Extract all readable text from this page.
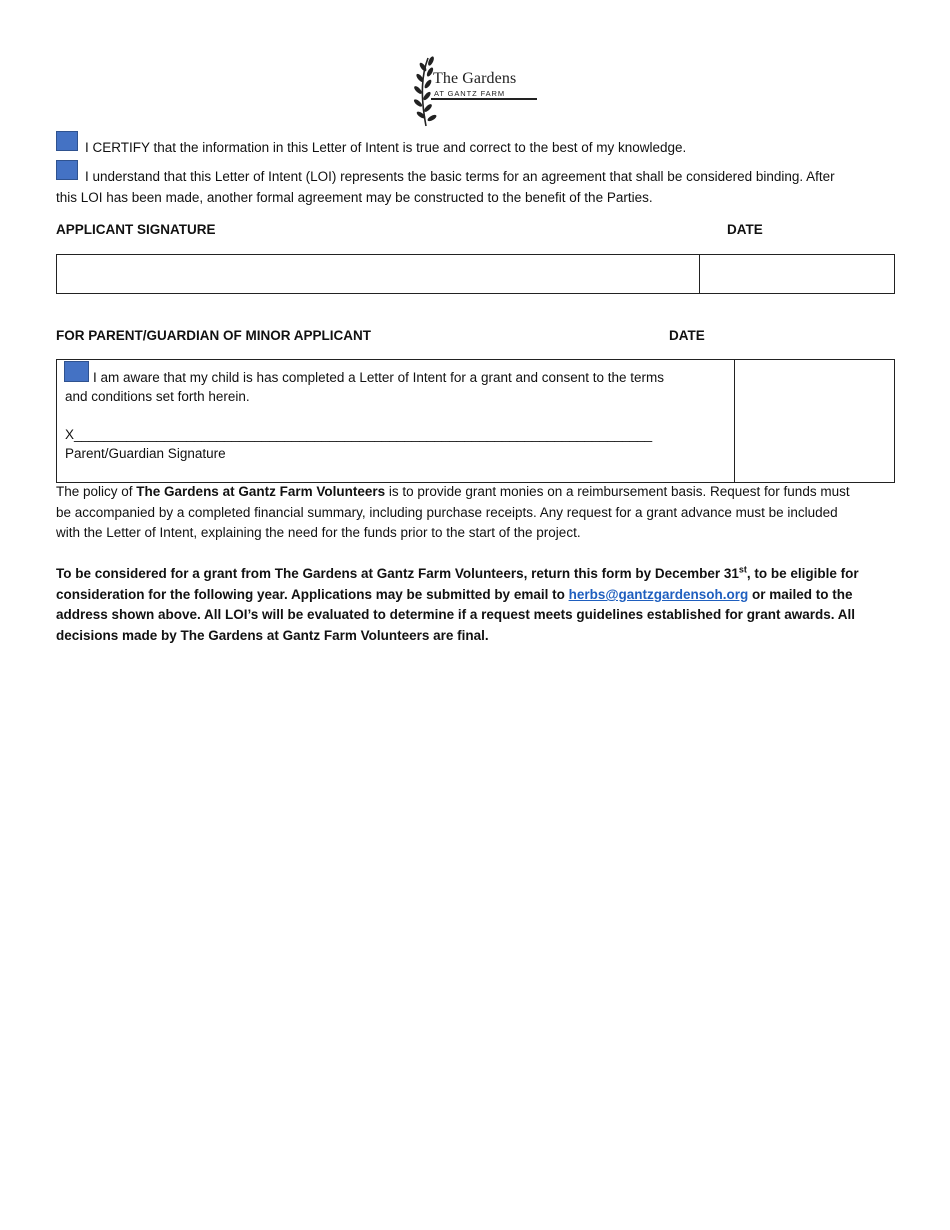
The Gardens
AT GANTZ FARM
I CERTIFY that the information in this Letter of Intent is true and correct to the best of my knowledge.
I understand that this Letter of Intent (LOI) represents the basic terms for an agreement that shall be considered binding. After
this LOI has been made, another formal agreement may be constructed to the benefit of the Parties.
APPLICANT SIGNATURE	DATE
FOR PARENT/GUARDIAN OF MINOR APPLICANT	DATE
I am aware that my child is has completed a Letter of Intent for a grant and consent to the terms
and conditions set forth herein.
X_____________________________________________________________________________
Parent/Guardian Signature
The policy of The Gardens at Gantz Farm Volunteers is to provide grant monies on a reimbursement basis. Request for funds must
be accompanied by a completed financial summary, including purchase receipts. Any request for a grant advance must be included
with the Letter of Intent, explaining the need for the funds prior to the start of the project.
To be considered for a grant from The Gardens at Gantz Farm Volunteers, return this form by December 31st, to be eligible for
consideration for the following year. Applications may be submitted by email to herbs@gantzgardensoh.org or mailed to the
address shown above. All LOI’s will be evaluated to determine if a request meets guidelines established for grant awards. All
decisions made by The Gardens at Gantz Farm Volunteers are final.
